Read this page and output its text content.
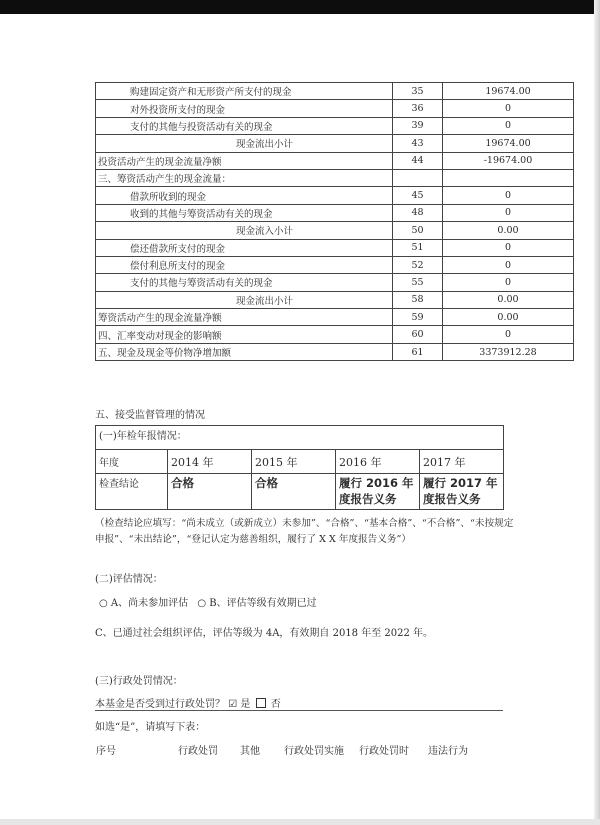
购建固定资产和无形资产所支付的现金	35	19674.00
对外投资所支付的现金	36	0
支付的其他与投资活动有关的现金	39	0
现金流出小计	43	19674.00
投资活动产生的现金流量净额	44	-19674.00
三、筹资活动产生的现金流量：		
借款所收到的现金	45	0
收到的其他与筹资活动有关的现金	48	0
现金流入小计	50	0.00
偿还借款所支付的现金	51	0
偿付利息所支付的现金	52	0
支付的其他与筹资活动有关的现金	55	0
现金流出小计	58	0.00
筹资活动产生的现金流量净额	59	0.00
四、汇率变动对现金的影响额	60	0
五、现金及现金等价物净增加额	61	3373912.28
五、接受监督管理的情况
(一)年检年报情况：				
年度	2014 年	2015 年	2016 年	2017 年
检查结论	合格	合格	履行 2016 年度报告义务	履行 2017 年度报告义务
（检查结论应填写：“尚未成立（或新成立）未参加”、“合格”、“基本合格”、“不合格”、“未按规定申报”、“未出结论”，“登记认定为慈善组织，履行了 X X 年度报告义务”）
(二)评估情况：
○ A、尚未参加评估 ○ B、评估等级有效期已过
C、已通过社会组织评估，评估等级为 4A，有效期自 2018 年至 2022 年。
(三)行政处罚情况：
本基金是否受到过行政处罚？ ☑ 是 否
如选“是”，请填写下表：
序号	行政处罚 其他 行政处罚实施 行政处罚时 违法行为
